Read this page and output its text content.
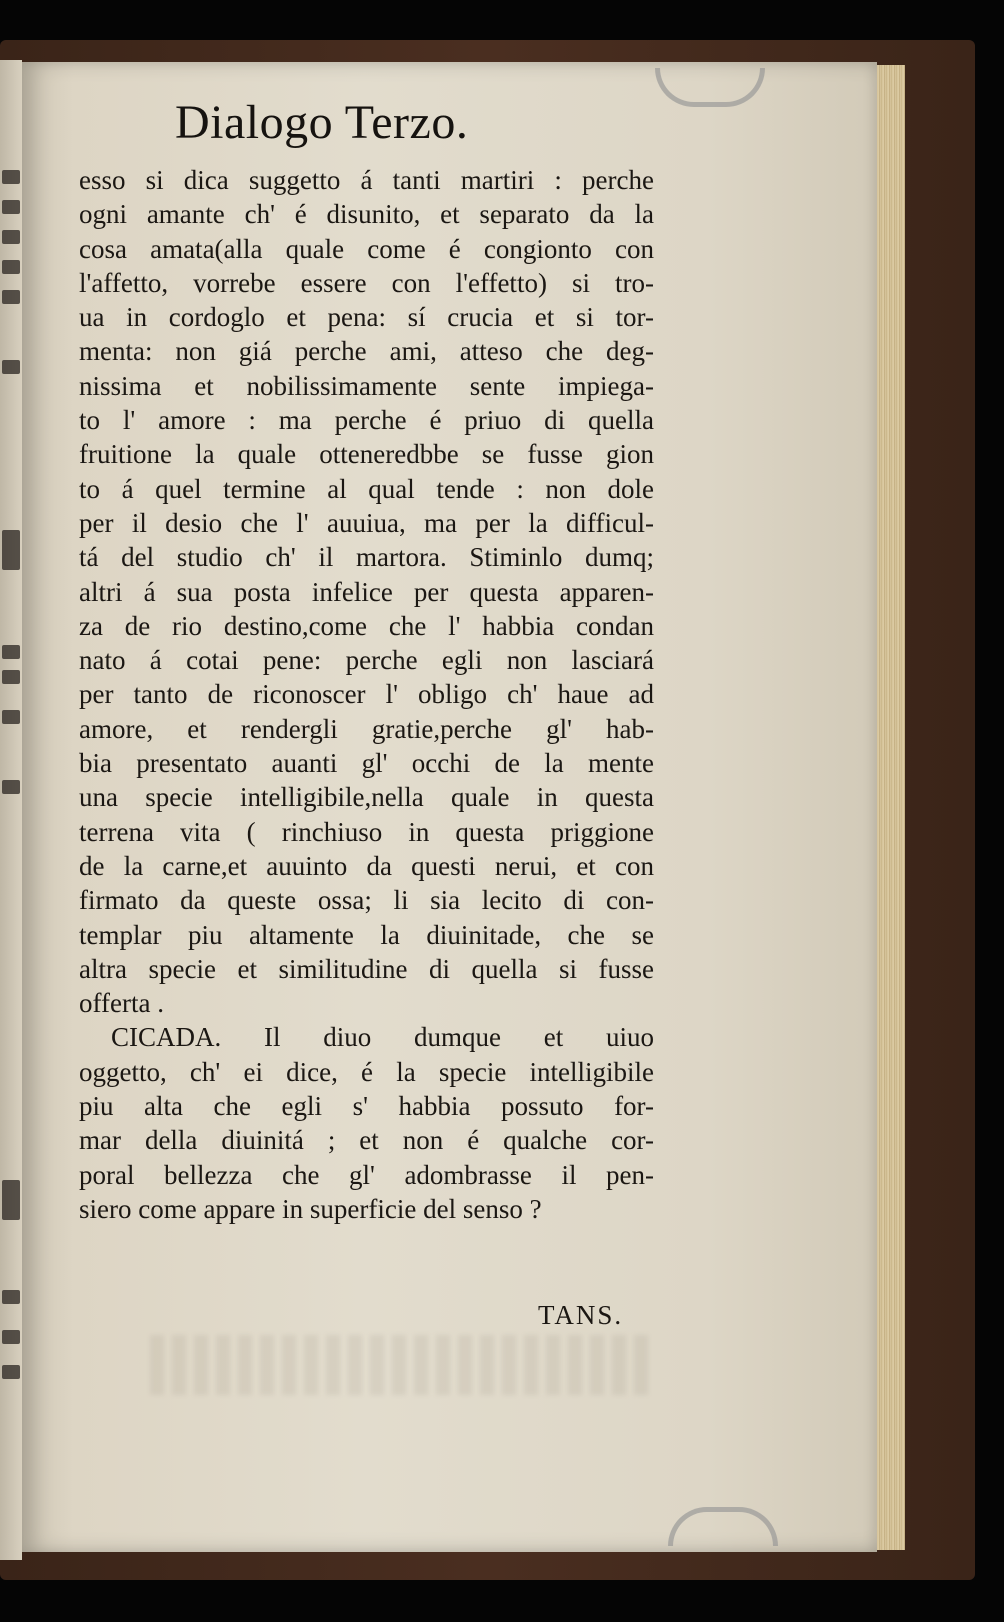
Dialogo Terzo.
esso si dica suggetto á tanti martiri : perche
ogni amante ch' é disunito, et separato da la
cosa amata(alla quale come é congionto con
l'affetto, vorrebe essere con l'effetto) si tro-
ua in cordoglo et pena: sí crucia et si tor-
menta: non giá perche ami, atteso che deg-
nissima et nobilissimamente sente impiega-
to l' amore : ma perche é priuo di quella
fruitione la quale otteneredbbe se fusse gion
to á quel termine al qual tende : non dole
per il desio che l' auuiua, ma per la difficul-
tá del studio ch' il martora. Stiminlo dumq;
altri á sua posta infelice per questa apparen-
za de rio destino,come che l' habbia condan
nato á cotai pene: perche egli non lasciará
per tanto de riconoscer l' obligo ch' haue ad
amore, et rendergli gratie,perche gl' hab-
bia presentato auanti gl' occhi de la mente
una specie intelligibile,nella quale in questa
terrena vita ( rinchiuso in questa priggione
de la carne,et auuinto da questi nerui, et con
firmato da queste ossa; li sia lecito di con-
templar piu altamente la diuinitade, che se
altra specie et similitudine di quella si fusse
offerta .
CICADA. Il diuo dumque et uiuo
oggetto, ch' ei dice, é la specie intelligibile
piu alta che egli s' habbia possuto for-
mar della diuinitá ; et non é qualche cor-
poral bellezza che gl' adombrasse il pen-
siero come appare in superficie del senso ?
TANS.
